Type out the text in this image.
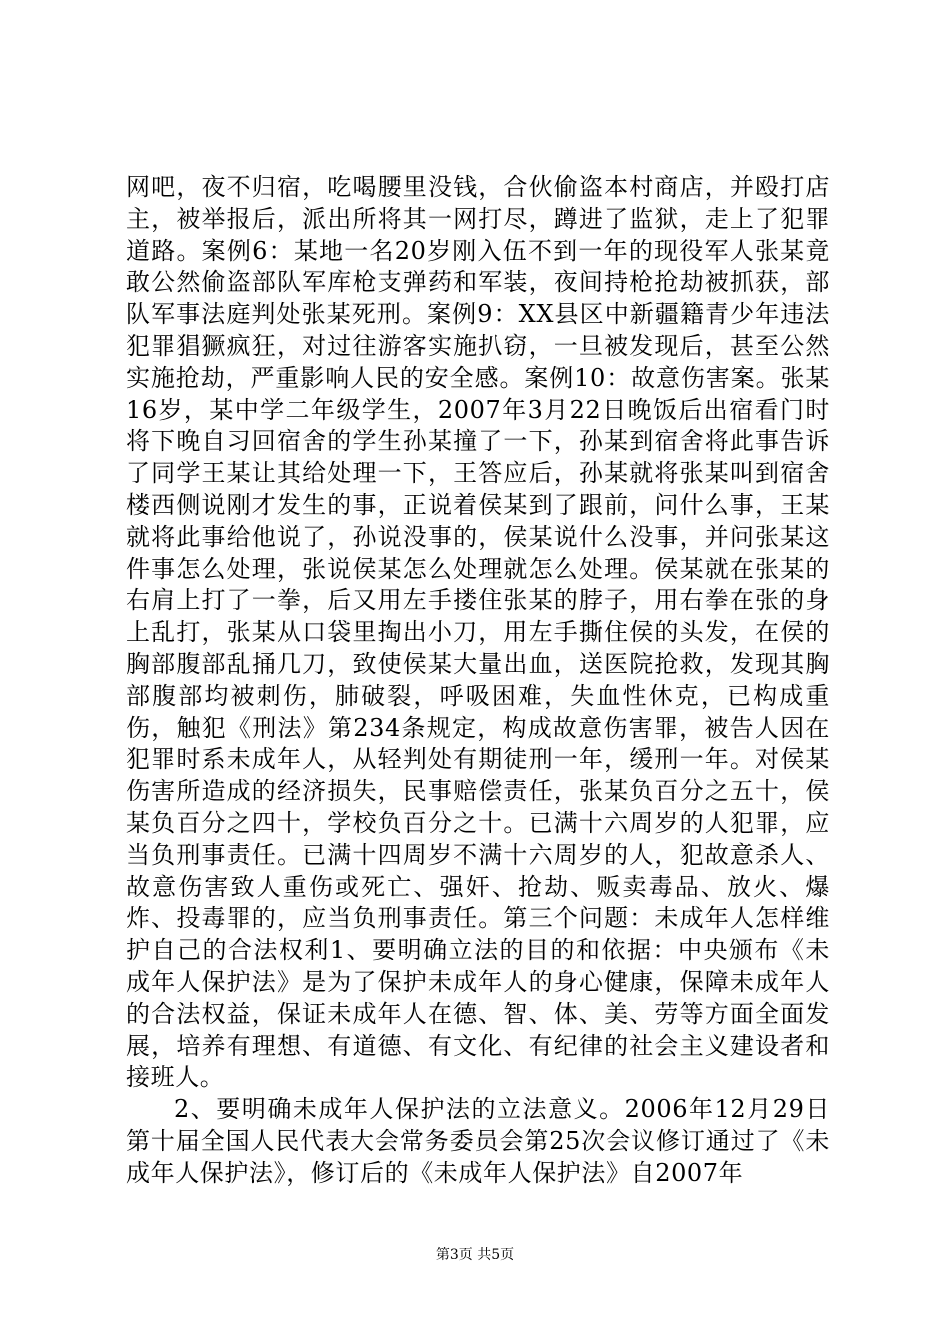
网吧，夜不归宿，吃喝腰里没钱，合伙偷盗本村商店，并殴打店主，被举报后，派出所将其一网打尽，蹲进了监狱，走上了犯罪道路。案例6：某地一名20岁刚入伍不到一年的现役军人张某竟敢公然偷盗部队军库枪支弹药和军装，夜间持枪抢劫被抓获，部队军事法庭判处张某死刑。案例9：XX县区中新疆籍青少年违法犯罪猖獗疯狂，对过往游客实施扒窃，一旦被发现后，甚至公然实施抢劫，严重影响人民的安全感。案例10：故意伤害案。张某16岁，某中学二年级学生，2007年3月22日晚饭后出宿看门时将下晚自习回宿舍的学生孙某撞了一下，孙某到宿舍将此事告诉了同学王某让其给处理一下，王答应后，孙某就将张某叫到宿舍楼西侧说刚才发生的事，正说着侯某到了跟前，问什么事，王某就将此事给他说了，孙说没事的，侯某说什么没事，并问张某这件事怎么处理，张说侯某怎么处理就怎么处理。侯某就在张某的右肩上打了一拳，后又用左手搂住张某的脖子，用右拳在张的身上乱打，张某从口袋里掏出小刀，用左手撕住侯的头发，在侯的胸部腹部乱捅几刀，致使侯某大量出血，送医院抢救，发现其胸部腹部均被刺伤，肺破裂，呼吸困难，失血性休克，已构成重伤，触犯《刑法》第234条规定，构成故意伤害罪，被告人因在犯罪时系未成年人，从轻判处有期徒刑一年，缓刑一年。对侯某伤害所造成的经济损失，民事赔偿责任，张某负百分之五十，侯某负百分之四十，学校负百分之十。已满十六周岁的人犯罪，应当负刑事责任。已满十四周岁不满十六周岁的人，犯故意杀人、故意伤害致人重伤或死亡、强奸、抢劫、贩卖毒品、放火、爆炸、投毒罪的，应当负刑事责任。第三个问题：未成年人怎样维护自己的合法权利1、要明确立法的目的和依据：中央颁布《未成年人保护法》是为了保护未成年人的身心健康，保障未成年人的合法权益，保证未成年人在德、智、体、美、劳等方面全面发展，培养有理想、有道德、有文化、有纪律的社会主义建设者和接班人。

2、要明确未成年人保护法的立法意义。2006年12月29日第十届全国人民代表大会常务委员会第25次会议修订通过了《未成年人保护法》，修订后的《未成年人保护法》自2007年

第3页 共5页
